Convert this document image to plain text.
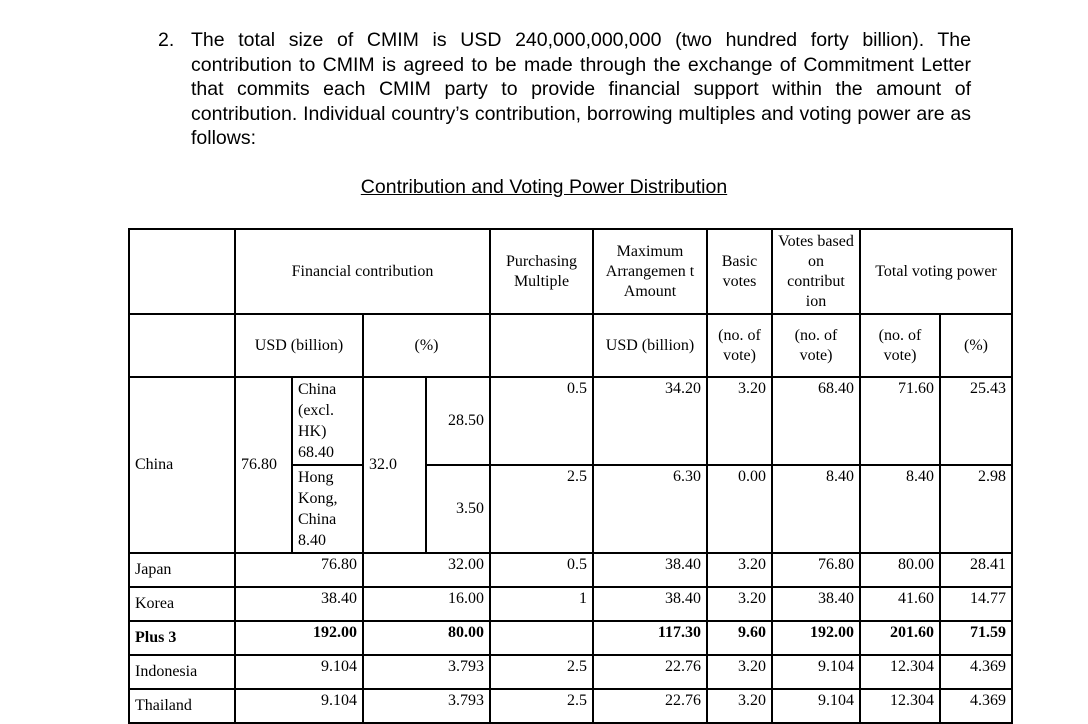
2. The total size of CMIM is USD 240,000,000,000 (two hundred forty billion). The contribution to CMIM is agreed to be made through the exchange of Commitment Letter that commits each CMIM party to provide financial support within the amount of contribution. Individual country’s contribution, borrowing multiples and voting power are as follows:
Contribution and Voting Power Distribution
	Financial contribution				Purchasing Multiple	Maximum Arrangemen t Amount	Basic votes	Votes based on contribut ion	Total voting power	
	USD (billion)		(%)			USD (billion)	(no. of vote)	(no. of vote)	(no. of vote)	(%)
China	76.80	China (excl. HK) 68.40	32.0	28.50	0.5	34.20	3.20	68.40	71.60	25.43
		Hong Kong, China 8.40		3.50	2.5	6.30	0.00	8.40	8.40	2.98
Japan	76.80		32.00		0.5	38.40	3.20	76.80	80.00	28.41
Korea	38.40		16.00		1	38.40	3.20	38.40	41.60	14.77
Plus 3	192.00		80.00			117.30	9.60	192.00	201.60	71.59
Indonesia	9.104		3.793		2.5	22.76	3.20	9.104	12.304	4.369
Thailand	9.104		3.793		2.5	22.76	3.20	9.104	12.304	4.369
